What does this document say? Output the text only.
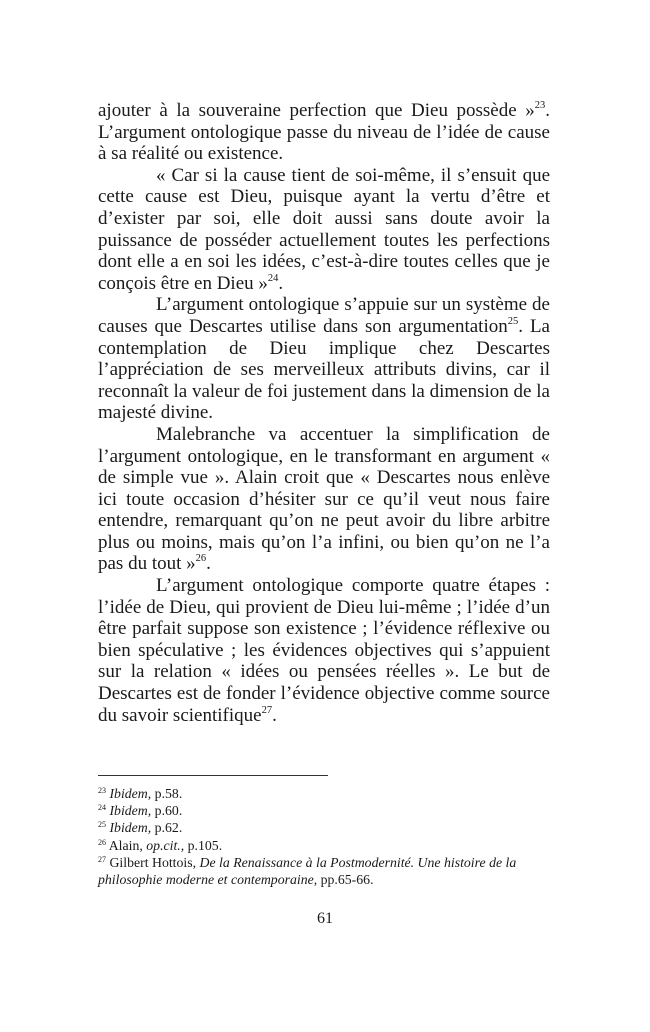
ajouter à la souveraine perfection que Dieu possède »$^{23}$. L’argument ontologique passe du niveau de l’idée de cause à sa réalité ou existence.

« Car si la cause tient de soi-même, il s’ensuit que cette cause est Dieu, puisque ayant la vertu d’être et d’exister par soi, elle doit aussi sans doute avoir la puissance de posséder actuellement toutes les perfections dont elle a en soi les idées, c’est-à-dire toutes celles que je conçois être en Dieu »$^{24}$.

L’argument ontologique s’appuie sur un système de causes que Descartes utilise dans son argumentation$^{25}$. La contemplation de Dieu implique chez Descartes l’appréciation de ses merveilleux attributs divins, car il reconnaît la valeur de foi justement dans la dimension de la majesté divine.

Malebranche va accentuer la simplification de l’argument ontologique, en le transformant en argument « de simple vue ». Alain croit que « Descartes nous enlève ici toute occasion d’hésiter sur ce qu’il veut nous faire entendre, remarquant qu’on ne peut avoir du libre arbitre plus ou moins, mais qu’on l’a infini, ou bien qu’on ne l’a pas du tout »$^{26}$.

L’argument ontologique comporte quatre étapes : l’idée de Dieu, qui provient de Dieu lui-même ; l’idée d’un être parfait suppose son existence ; l’évidence réflexive ou bien spéculative ; les évidences objectives qui s’appuient sur la relation « idées ou pensées réelles ». Le but de Descartes est de fonder l’évidence objective comme source du savoir scientifique$^{27}$.

$^{23}$ Ibidem, p.58.

$^{24}$ Ibidem, p.60.

$^{25}$ Ibidem, p.62.

$^{26}$ Alain, op.cit., p.105.

$^{27}$ Gilbert Hottois, De la Renaissance à la Postmodernité. Une histoire de la philosophie moderne et contemporaine, pp.65-66.

61
